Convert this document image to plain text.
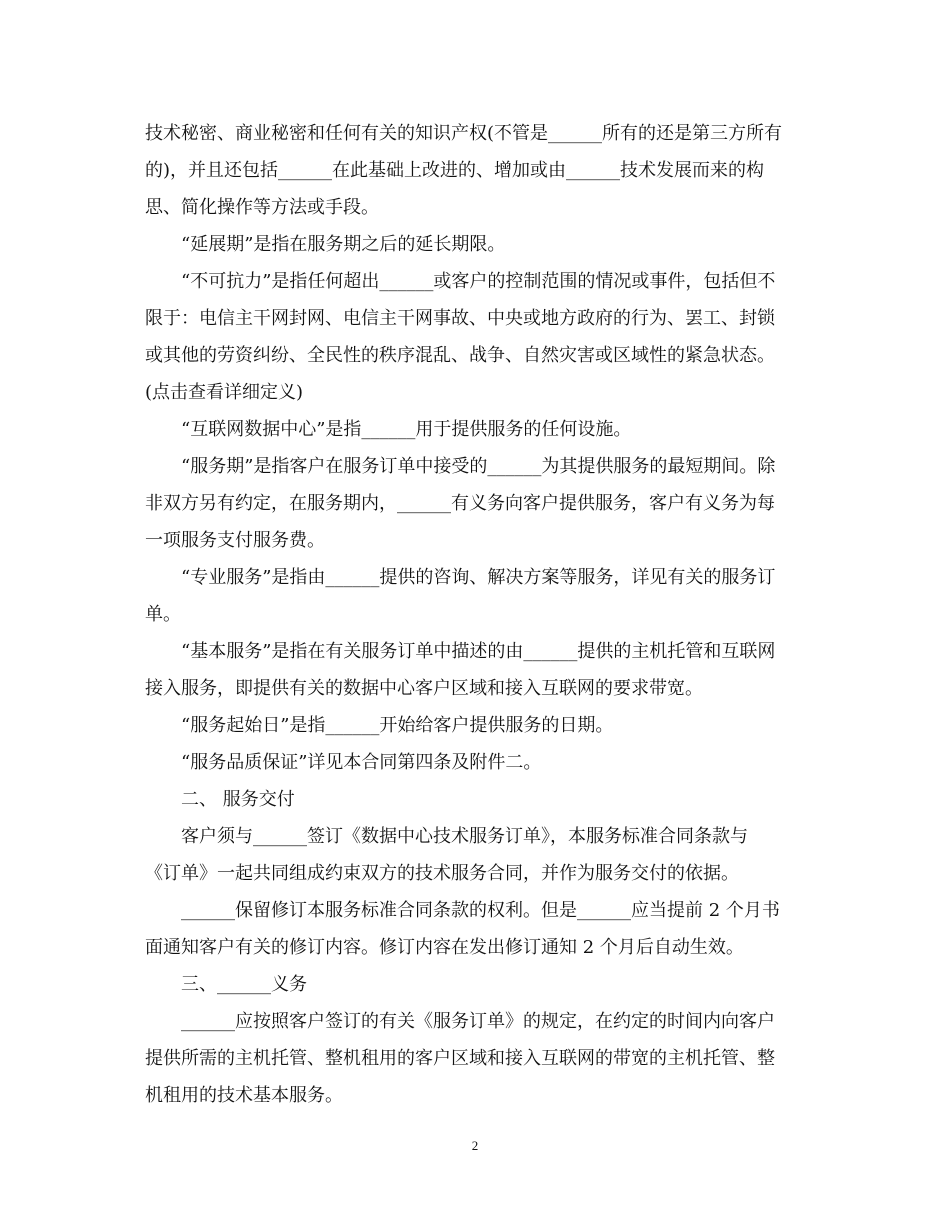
技术秘密、商业秘密和任何有关的知识产权(不管是______所有的还是第三方所有

的)，并且还包括______在此基础上改进的、增加或由______技术发展而来的构

思、简化操作等方法或手段。

“延展期”是指在服务期之后的延长期限。

“不可抗力”是指任何超出______或客户的控制范围的情况或事件，包括但不

限于：电信主干网封网、电信主干网事故、中央或地方政府的行为、罢工、封锁

或其他的劳资纠纷、全民性的秩序混乱、战争、自然灾害或区域性的紧急状态。

(点击查看详细定义)

“互联网数据中心”是指______用于提供服务的任何设施。

“服务期”是指客户在服务订单中接受的______为其提供服务的最短期间。除

非双方另有约定，在服务期内，______有义务向客户提供服务，客户有义务为每

一项服务支付服务费。

“专业服务”是指由______提供的咨询、解决方案等服务，详见有关的服务订

单。

“基本服务”是指在有关服务订单中描述的由______提供的主机托管和互联网

接入服务，即提供有关的数据中心客户区域和接入互联网的要求带宽。

“服务起始日”是指______开始给客户提供服务的日期。

“服务品质保证”详见本合同第四条及附件二。

二、 服务交付

客户须与______签订《数据中心技术服务订单》，本服务标准合同条款与

《订单》一起共同组成约束双方的技术服务合同，并作为服务交付的依据。

______保留修订本服务标准合同条款的权利。但是______应当提前 2 个月书

面通知客户有关的修订内容。修订内容在发出修订通知 2 个月后自动生效。

三、______义务

______应按照客户签订的有关《服务订单》的规定，在约定的时间内向客户

提供所需的主机托管、整机租用的客户区域和接入互联网的带宽的主机托管、整

机租用的技术基本服务。

2
